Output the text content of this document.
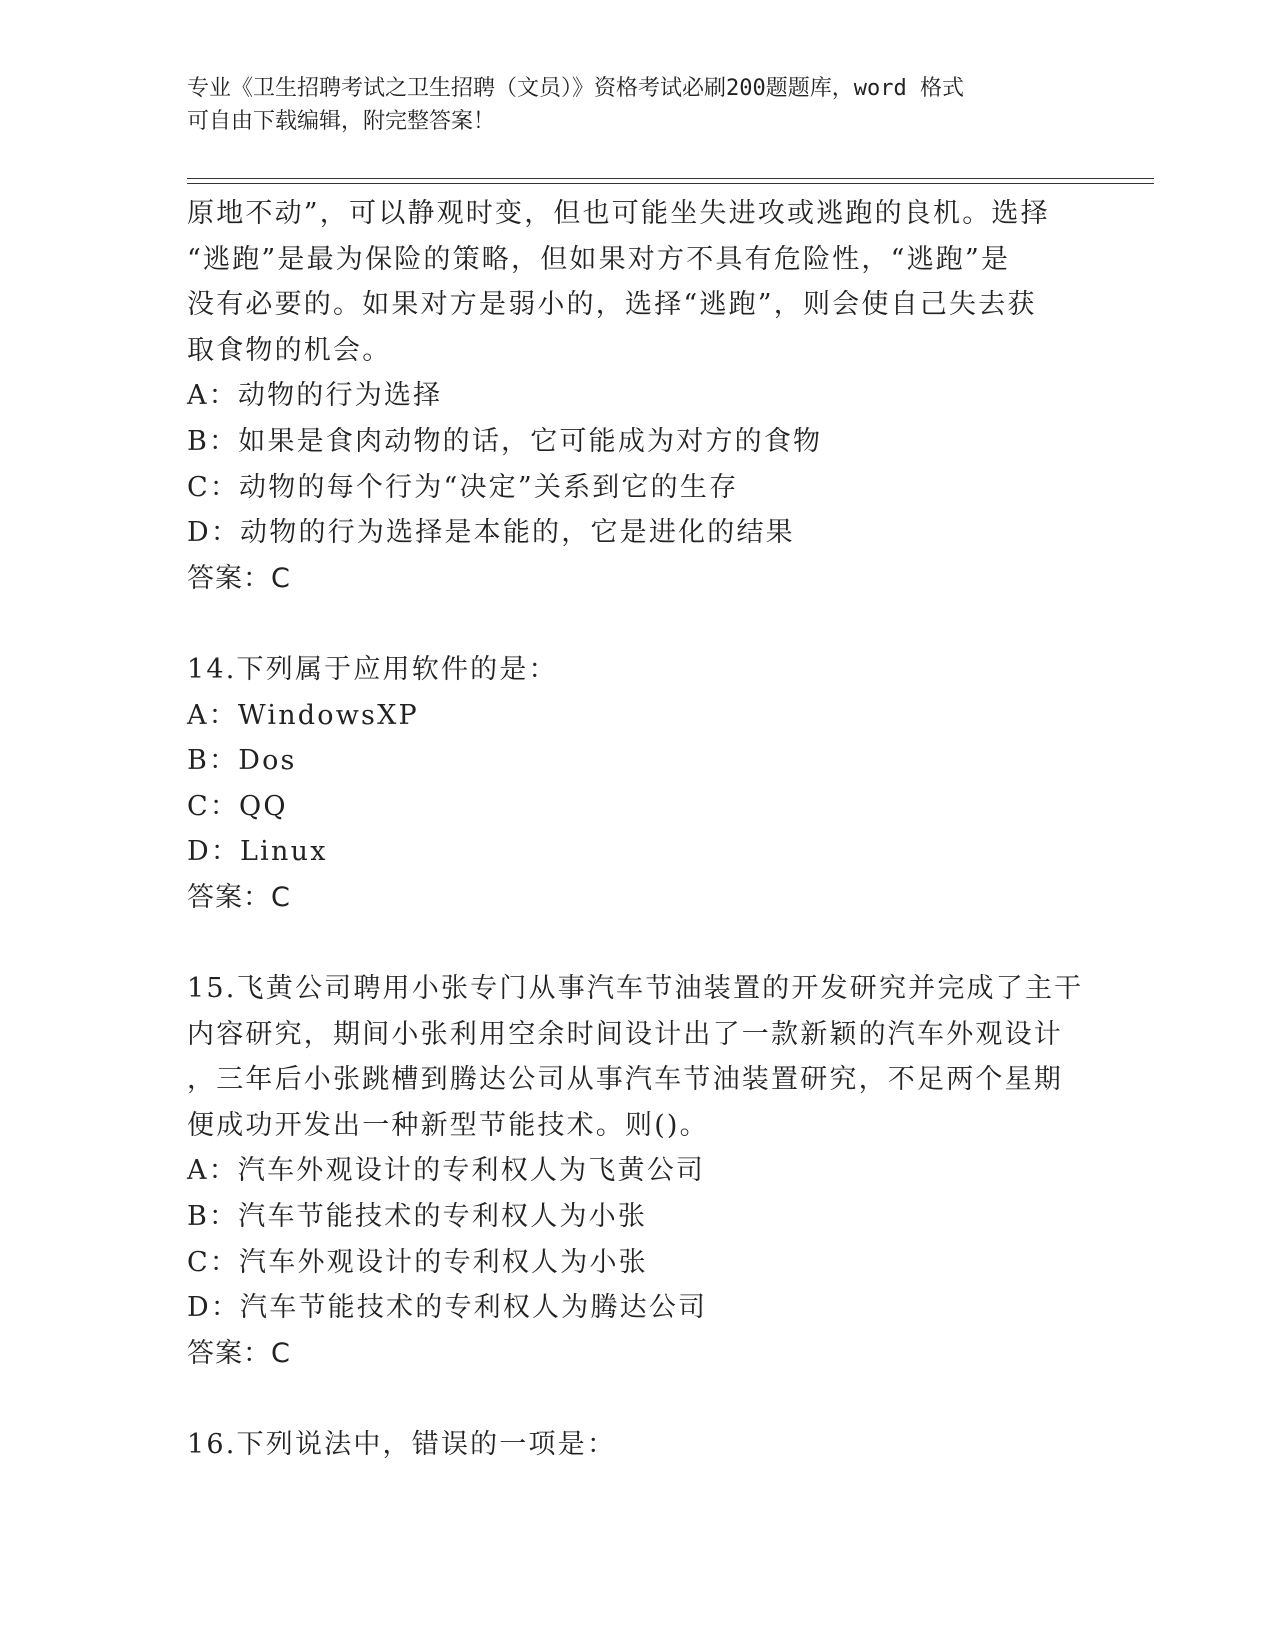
专业《卫生招聘考试之卫生招聘（文员）》资格考试必刷200题题库，word 格式
可自由下载编辑，附完整答案！
原地不动”，可以静观时变，但也可能坐失进攻或逃跑的良机。选择
“逃跑”是最为保险的策略，但如果对方不具有危险性，“逃跑”是
没有必要的。如果对方是弱小的，选择“逃跑”，则会使自己失去获
取食物的机会。
A：动物的行为选择
B：如果是食肉动物的话，它可能成为对方的食物
C：动物的每个行为“决定”关系到它的生存
D：动物的行为选择是本能的，它是进化的结果
答案：C
14.下列属于应用软件的是：
A：WindowsXP
B：Dos
C：QQ
D：Linux
答案：C
15.飞黄公司聘用小张专门从事汽车节油装置的开发研究并完成了主干
内容研究，期间小张利用空余时间设计出了一款新颖的汽车外观设计
，三年后小张跳槽到腾达公司从事汽车节油装置研究，不足两个星期
便成功开发出一种新型节能技术。则()。
A：汽车外观设计的专利权人为飞黄公司
B：汽车节能技术的专利权人为小张
C：汽车外观设计的专利权人为小张
D：汽车节能技术的专利权人为腾达公司
答案：C
16.下列说法中，错误的一项是：
